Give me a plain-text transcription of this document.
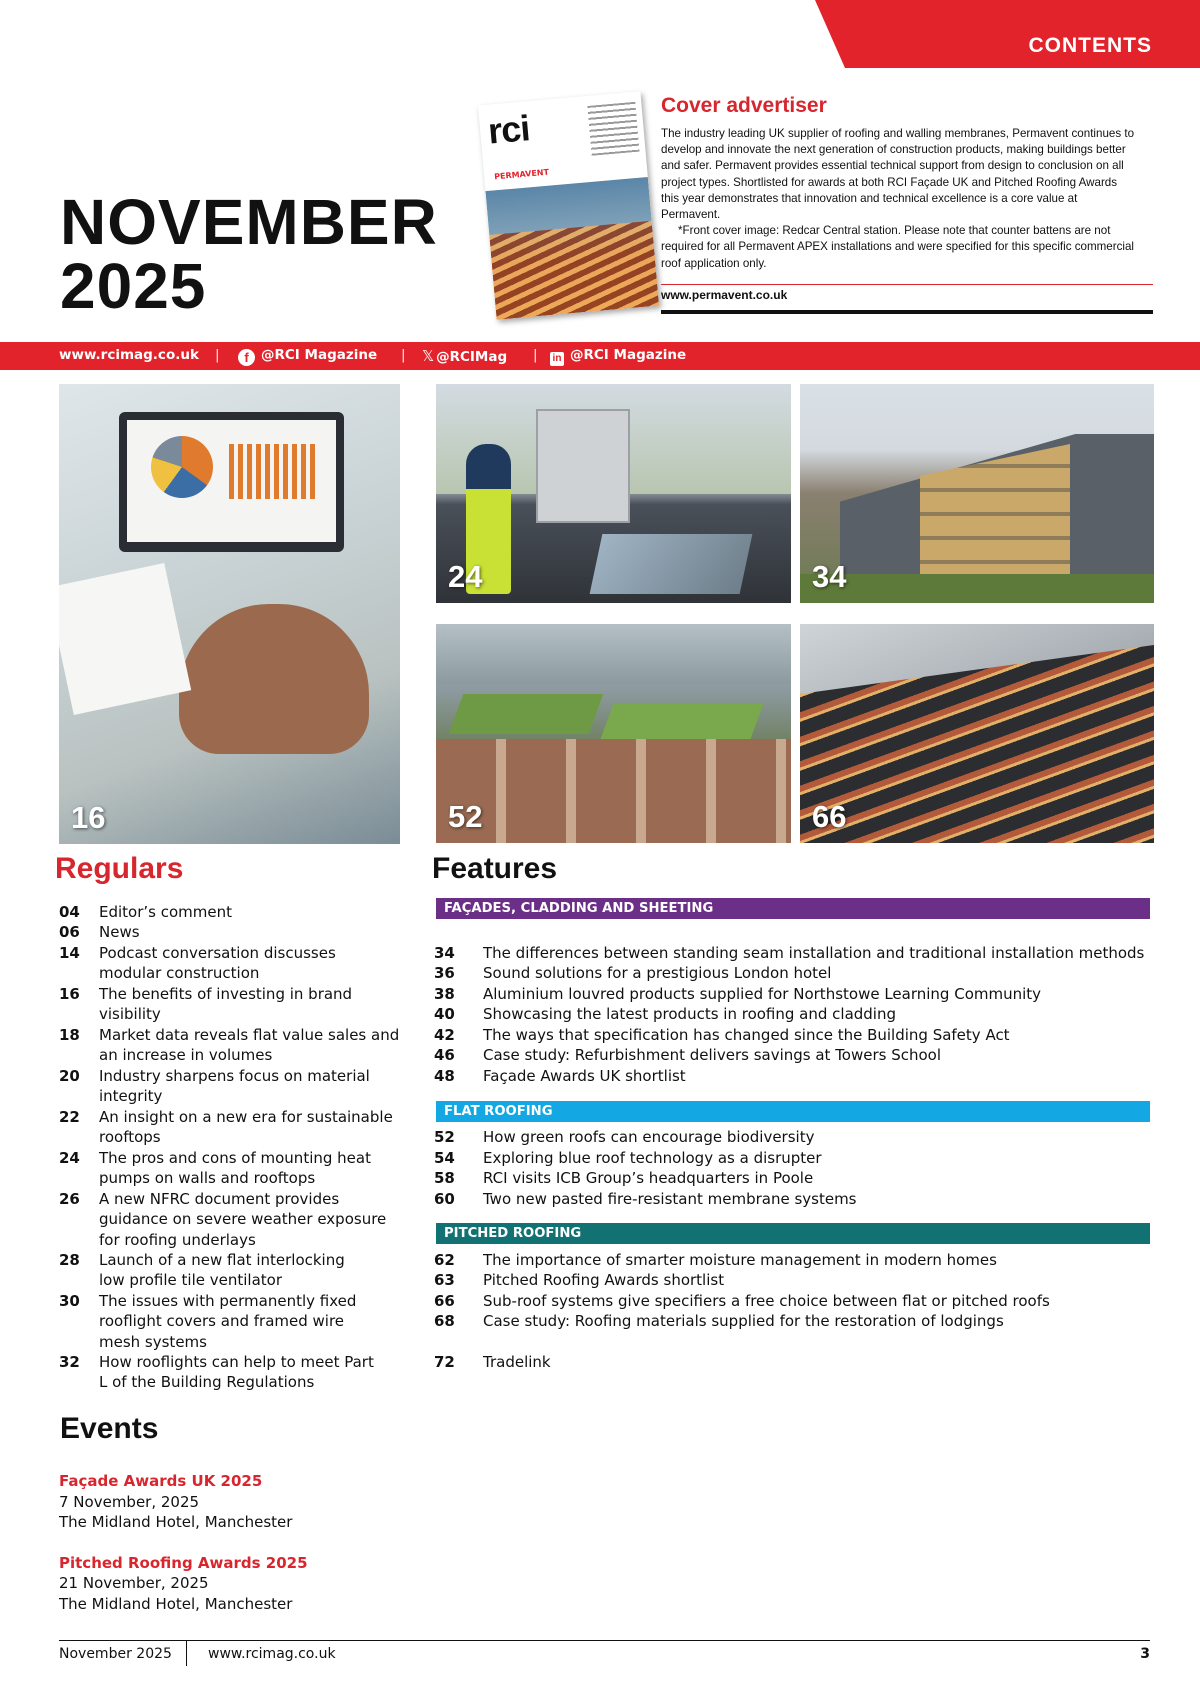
CONTENTS
NOVEMBER
2025
rci
PERMAVENT
Cover advertiser

The industry leading UK supplier of roofing and walling membranes, Permavent continues to develop and innovate the next generation of construction products, making buildings better and safer. Permavent provides essential technical support from design to conclusion on all project types. Shortlisted for awards at both RCI Façade UK and Pitched Roofing Awards this year demonstrates that innovation and technical excellence is a core value at Permavent.

*Front cover image: Redcar Central station. Please note that counter battens are not required for all Permavent APEX installations and were specified for this specific commercial roof application only.

www.permavent.co.uk
www.rcimag.co.uk |	f @RCI Magazine | 𝕏 @RCIMag | in @RCI Magazine
16
24	34
52	66
Regulars	Features
04 Editor’s comment
06 News
14 Podcast conversation discusses
modular construction
16 The benefits of investing in brand
visibility
18 Market data reveals flat value sales and
an increase in volumes
20 Industry sharpens focus on material
integrity
22 An insight on a new era for sustainable
rooftops
24 The pros and cons of mounting heat
pumps on walls and rooftops
26 A new NFRC document provides
guidance on severe weather exposure
for roofing underlays
28 Launch of a new flat interlocking
low profile tile ventilator
30 The issues with permanently fixed
rooflight covers and framed wire
mesh systems
32 How rooflights can help to meet Part
L of the Building Regulations
FAÇADES, CLADDING AND SHEETING
34 The differences between standing seam installation and traditional installation methods
36 Sound solutions for a prestigious London hotel
38 Aluminium louvred products supplied for Northstowe Learning Community
40 Showcasing the latest products in roofing and cladding
42 The ways that specification has changed since the Building Safety Act
46 Case study: Refurbishment delivers savings at Towers School
48 Façade Awards UK shortlist
FLAT ROOFING
52 How green roofs can encourage biodiversity
54 Exploring blue roof technology as a disrupter
58 RCI visits ICB Group’s headquarters in Poole
60 Two new pasted fire-resistant membrane systems
PITCHED ROOFING
62 The importance of smarter moisture management in modern homes
63 Pitched Roofing Awards shortlist
66 Sub-roof systems give specifiers a free choice between flat or pitched roofs
68 Case study: Roofing materials supplied for the restoration of lodgings
72 Tradelink
Events
Façade Awards UK 2025
7 November, 2025
The Midland Hotel, Manchester
Pitched Roofing Awards 2025
21 November, 2025
The Midland Hotel, Manchester
November 2025	www.rcimag.co.uk	3
